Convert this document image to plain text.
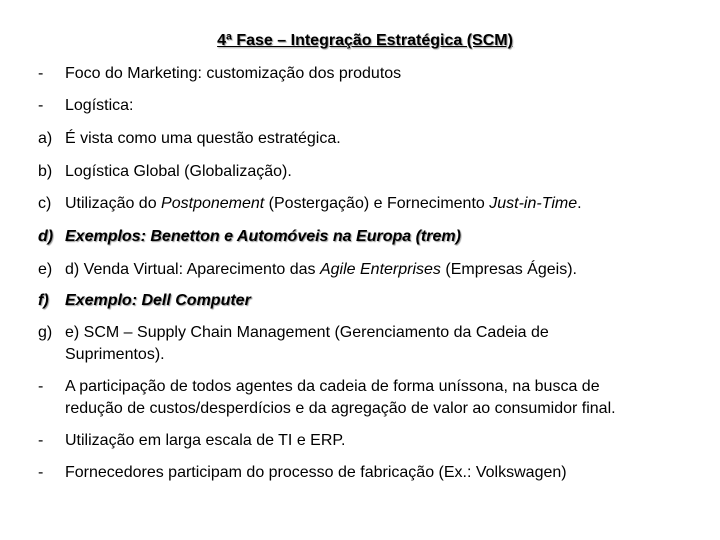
4ª Fase – Integração Estratégica (SCM)
- Foco do Marketing: customização dos produtos
- Logística:
a) É vista como uma questão estratégica.
b) Logística Global (Globalização).
c) Utilização do Postponement (Postergação) e Fornecimento Just-in-Time.
d) Exemplos: Benetton e Automóveis na Europa (trem)
e) d) Venda Virtual: Aparecimento das Agile Enterprises (Empresas Ágeis).
f) Exemplo: Dell Computer
g) e) SCM – Supply Chain Management (Gerenciamento da Cadeia de
Suprimentos).
- A participação de todos agentes da cadeia de forma uníssona, na busca de
redução de custos/desperdícios e da agregação de valor ao consumidor final.
- Utilização em larga escala de TI e ERP.
- Fornecedores participam do processo de fabricação (Ex.: Volkswagen)
